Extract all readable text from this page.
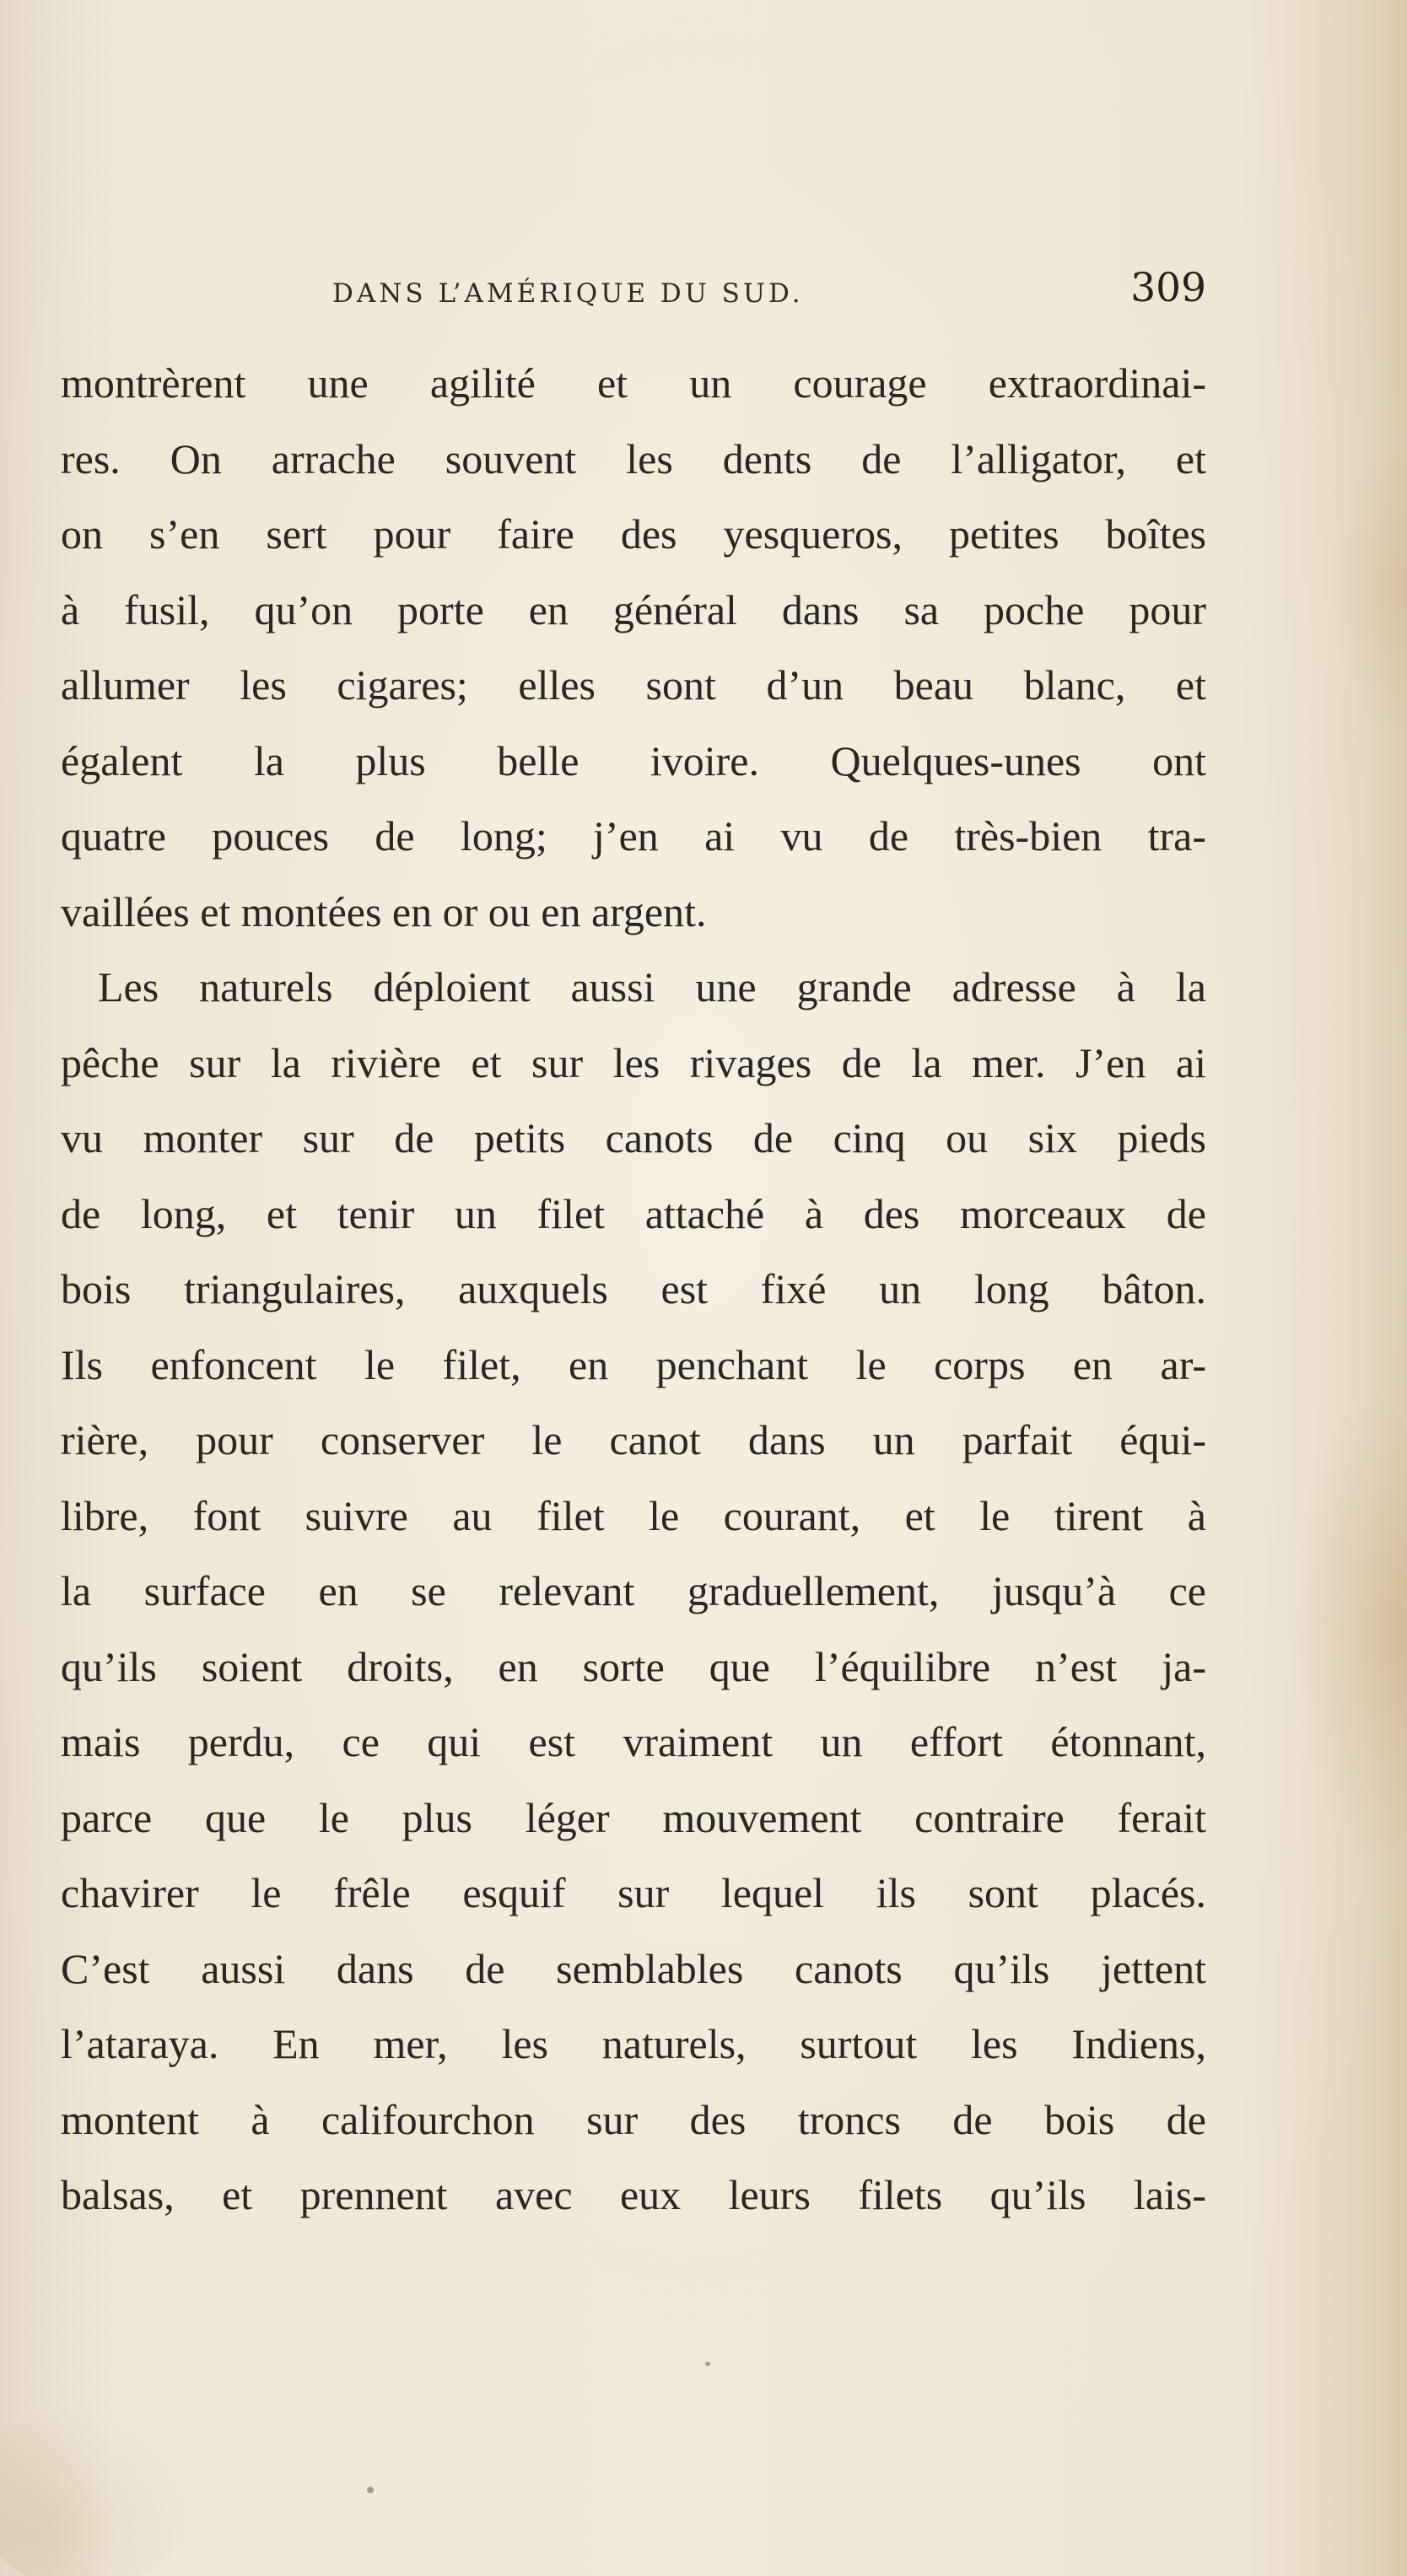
DANS L’AMÉRIQUE DU SUD.	309
montrèrent une agilité et un courage extraordinai-
res. On arrache souvent les dents de l’alligator, et
on s’en sert pour faire des yesqueros, petites boîtes
à fusil, qu’on porte en général dans sa poche pour
allumer les cigares; elles sont d’un beau blanc, et
égalent la plus belle ivoire. Quelques-unes ont
quatre pouces de long; j’en ai vu de très-bien tra-
vaillées et montées en or ou en argent.
Les naturels déploient aussi une grande adresse à la
pêche sur la rivière et sur les rivages de la mer. J’en ai
vu monter sur de petits canots de cinq ou six pieds
de long, et tenir un filet attaché à des morceaux de
bois triangulaires, auxquels est fixé un long bâton.
Ils enfoncent le filet, en penchant le corps en ar-
rière, pour conserver le canot dans un parfait équi-
libre, font suivre au filet le courant, et le tirent à
la surface en se relevant graduellement, jusqu’à ce
qu’ils soient droits, en sorte que l’équilibre n’est ja-
mais perdu, ce qui est vraiment un effort étonnant,
parce que le plus léger mouvement contraire ferait
chavirer le frêle esquif sur lequel ils sont placés.
C’est aussi dans de semblables canots qu’ils jettent
l’ataraya. En mer, les naturels, surtout les Indiens,
montent à califourchon sur des troncs de bois de
balsas, et prennent avec eux leurs filets qu’ils lais-
